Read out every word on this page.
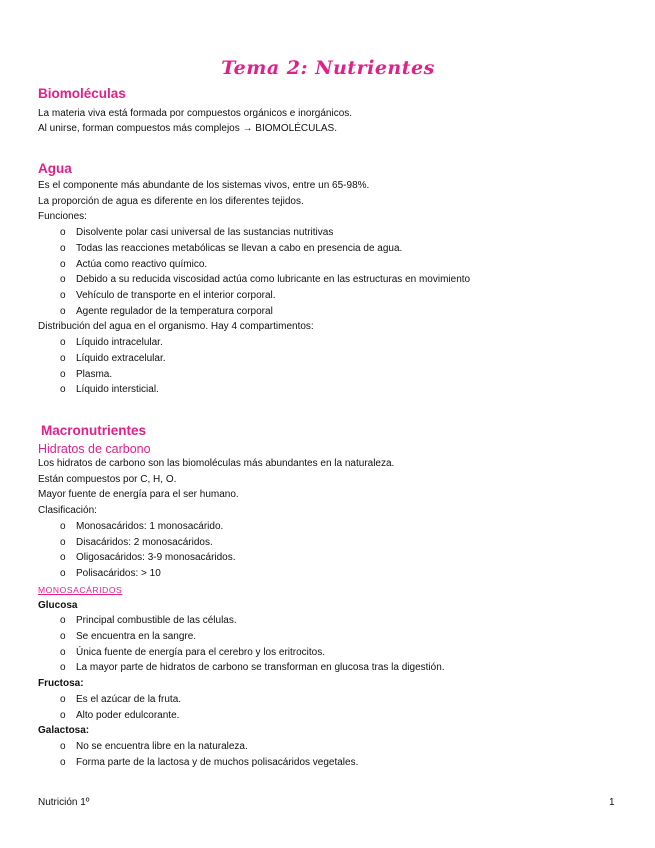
Tema 2: Nutrientes
Biomoléculas
La materia viva está formada por compuestos orgánicos e inorgánicos.
Al unirse, forman compuestos más complejos → BIOMOLÉCULAS.
Agua
Es el componente más abundante de los sistemas vivos, entre un 65-98%.
La proporción de agua es diferente en los diferentes tejidos.
Funciones:
o Disolvente polar casi universal de las sustancias nutritivas
o Todas las reacciones metabólicas se llevan a cabo en presencia de agua.
o Actúa como reactivo químico.
o Debido a su reducida viscosidad actúa como lubricante en las estructuras en movimiento
o Vehículo de transporte en el interior corporal.
o Agente regulador de la temperatura corporal
Distribución del agua en el organismo. Hay 4 compartimentos:
o Líquido intracelular.
o Líquido extracelular.
o Plasma.
o Líquido intersticial.
Macronutrientes
Hidratos de carbono
Los hidratos de carbono son las biomoléculas más abundantes en la naturaleza.
Están compuestos por C, H, O.
Mayor fuente de energía para el ser humano.
Clasificación:
o Monosacáridos: 1 monosacárido.
o Disacáridos: 2 monosacáridos.
o Oligosacáridos: 3-9 monosacáridos.
o Polisacáridos: > 10
MONOSACÁRIDOS
Glucosa
o Principal combustible de las células.
o Se encuentra en la sangre.
o Única fuente de energía para el cerebro y los eritrocitos.
o La mayor parte de hidratos de carbono se transforman en glucosa tras la digestión.
Fructosa:
o Es el azúcar de la fruta.
o Alto poder edulcorante.
Galactosa:
o No se encuentra libre en la naturaleza.
o Forma parte de la lactosa y de muchos polisacáridos vegetales.
Nutrición 1º	1
